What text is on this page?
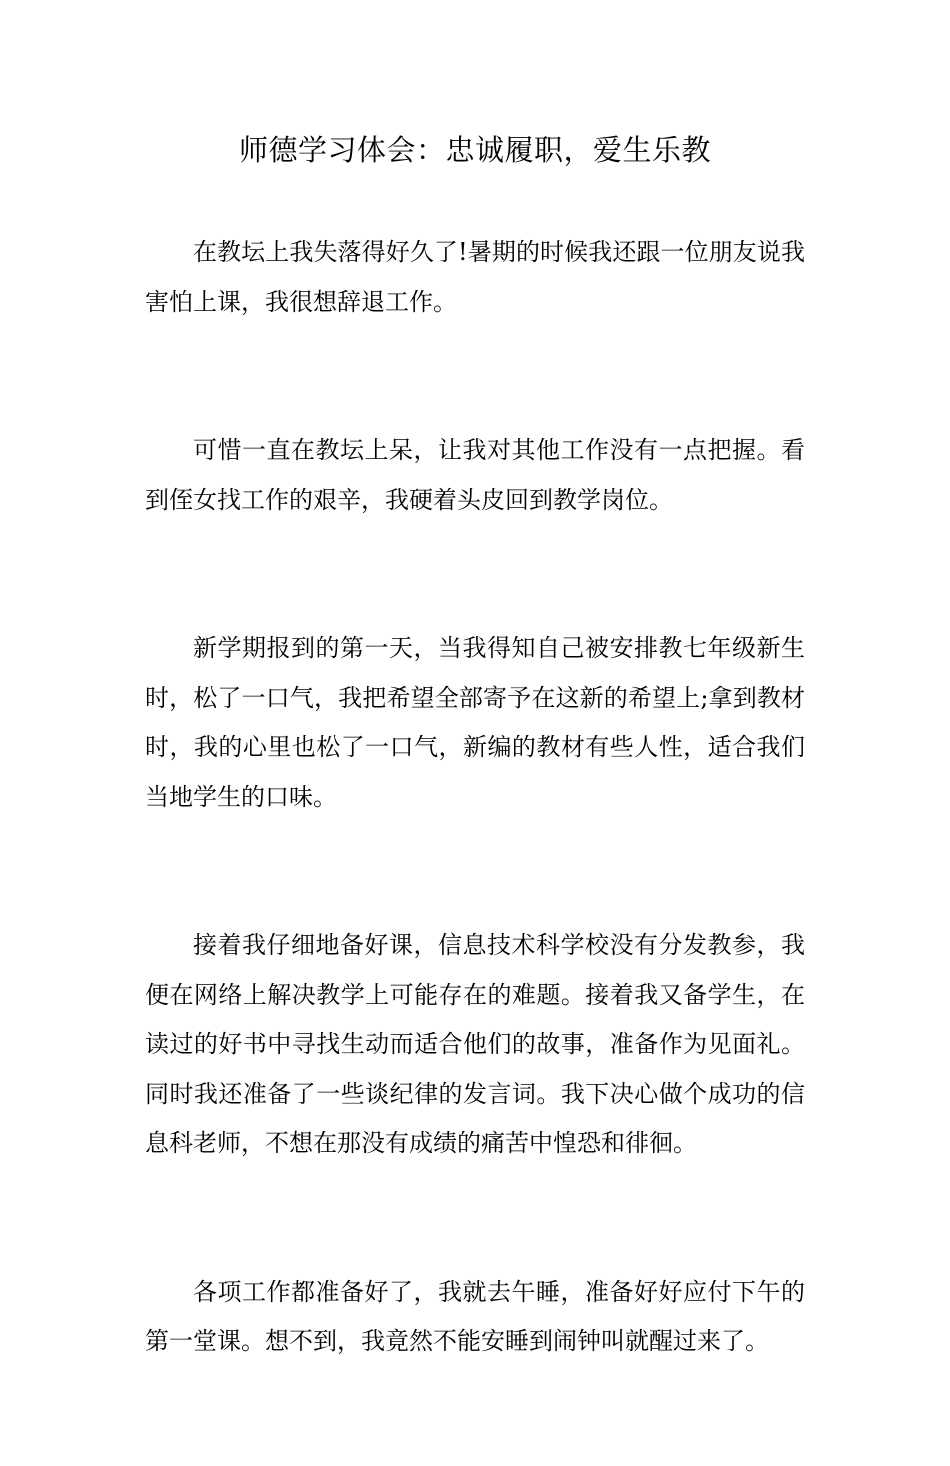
师德学习体会：忠诚履职，爱生乐教

在教坛上我失落得好久了!暑期的时候我还跟一位朋友说我害怕上课，我很想辞退工作。

可惜一直在教坛上呆，让我对其他工作没有一点把握。看到侄女找工作的艰辛，我硬着头皮回到教学岗位。

新学期报到的第一天，当我得知自己被安排教七年级新生时，松了一口气，我把希望全部寄予在这新的希望上;拿到教材时，我的心里也松了一口气，新编的教材有些人性，适合我们当地学生的口味。

接着我仔细地备好课，信息技术科学校没有分发教参，我便在网络上解决教学上可能存在的难题。接着我又备学生，在读过的好书中寻找生动而适合他们的故事，准备作为见面礼。同时我还准备了一些谈纪律的发言词。我下决心做个成功的信息科老师，不想在那没有成绩的痛苦中惶恐和徘徊。

各项工作都准备好了，我就去午睡，准备好好应付下午的第一堂课。想不到，我竟然不能安睡到闹钟叫就醒过来了。
